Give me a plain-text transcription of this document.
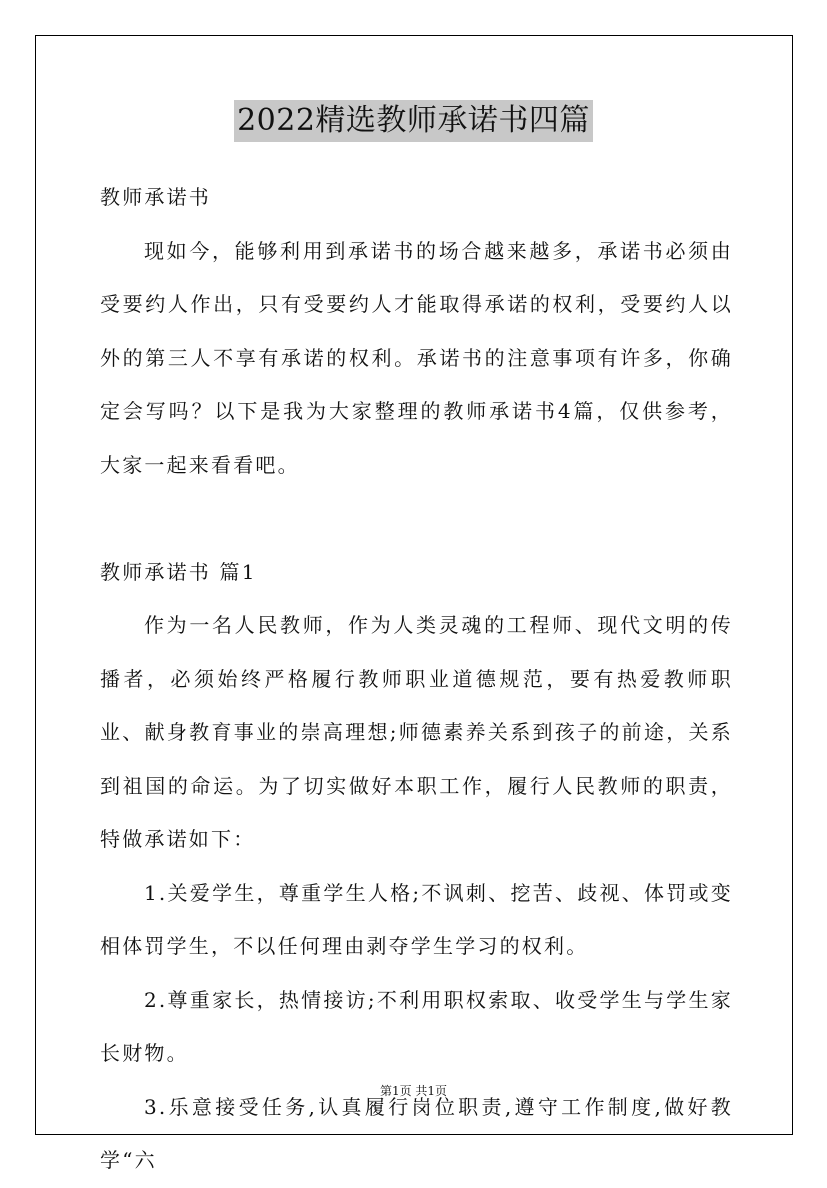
2022精选教师承诺书四篇

教师承诺书

现如今，能够利用到承诺书的场合越来越多，承诺书必须由受要约人作出，只有受要约人才能取得承诺的权利，受要约人以外的第三人不享有承诺的权利。承诺书的注意事项有许多，你确定会写吗？以下是我为大家整理的教师承诺书4篇，仅供参考，大家一起来看看吧。

教师承诺书 篇1

作为一名人民教师，作为人类灵魂的工程师、现代文明的传播者，必须始终严格履行教师职业道德规范，要有热爱教师职业、献身教育事业的崇高理想;师德素养关系到孩子的前途，关系到祖国的命运。为了切实做好本职工作，履行人民教师的职责，特做承诺如下：

1.关爱学生，尊重学生人格;不讽刺、挖苦、歧视、体罚或变相体罚学生，不以任何理由剥夺学生学习的权利。

2.尊重家长，热情接访;不利用职权索取、收受学生与学生家长财物。

3.乐意接受任务,认真履行岗位职责,遵守工作制度,做好教学“六

第1页 共1页
